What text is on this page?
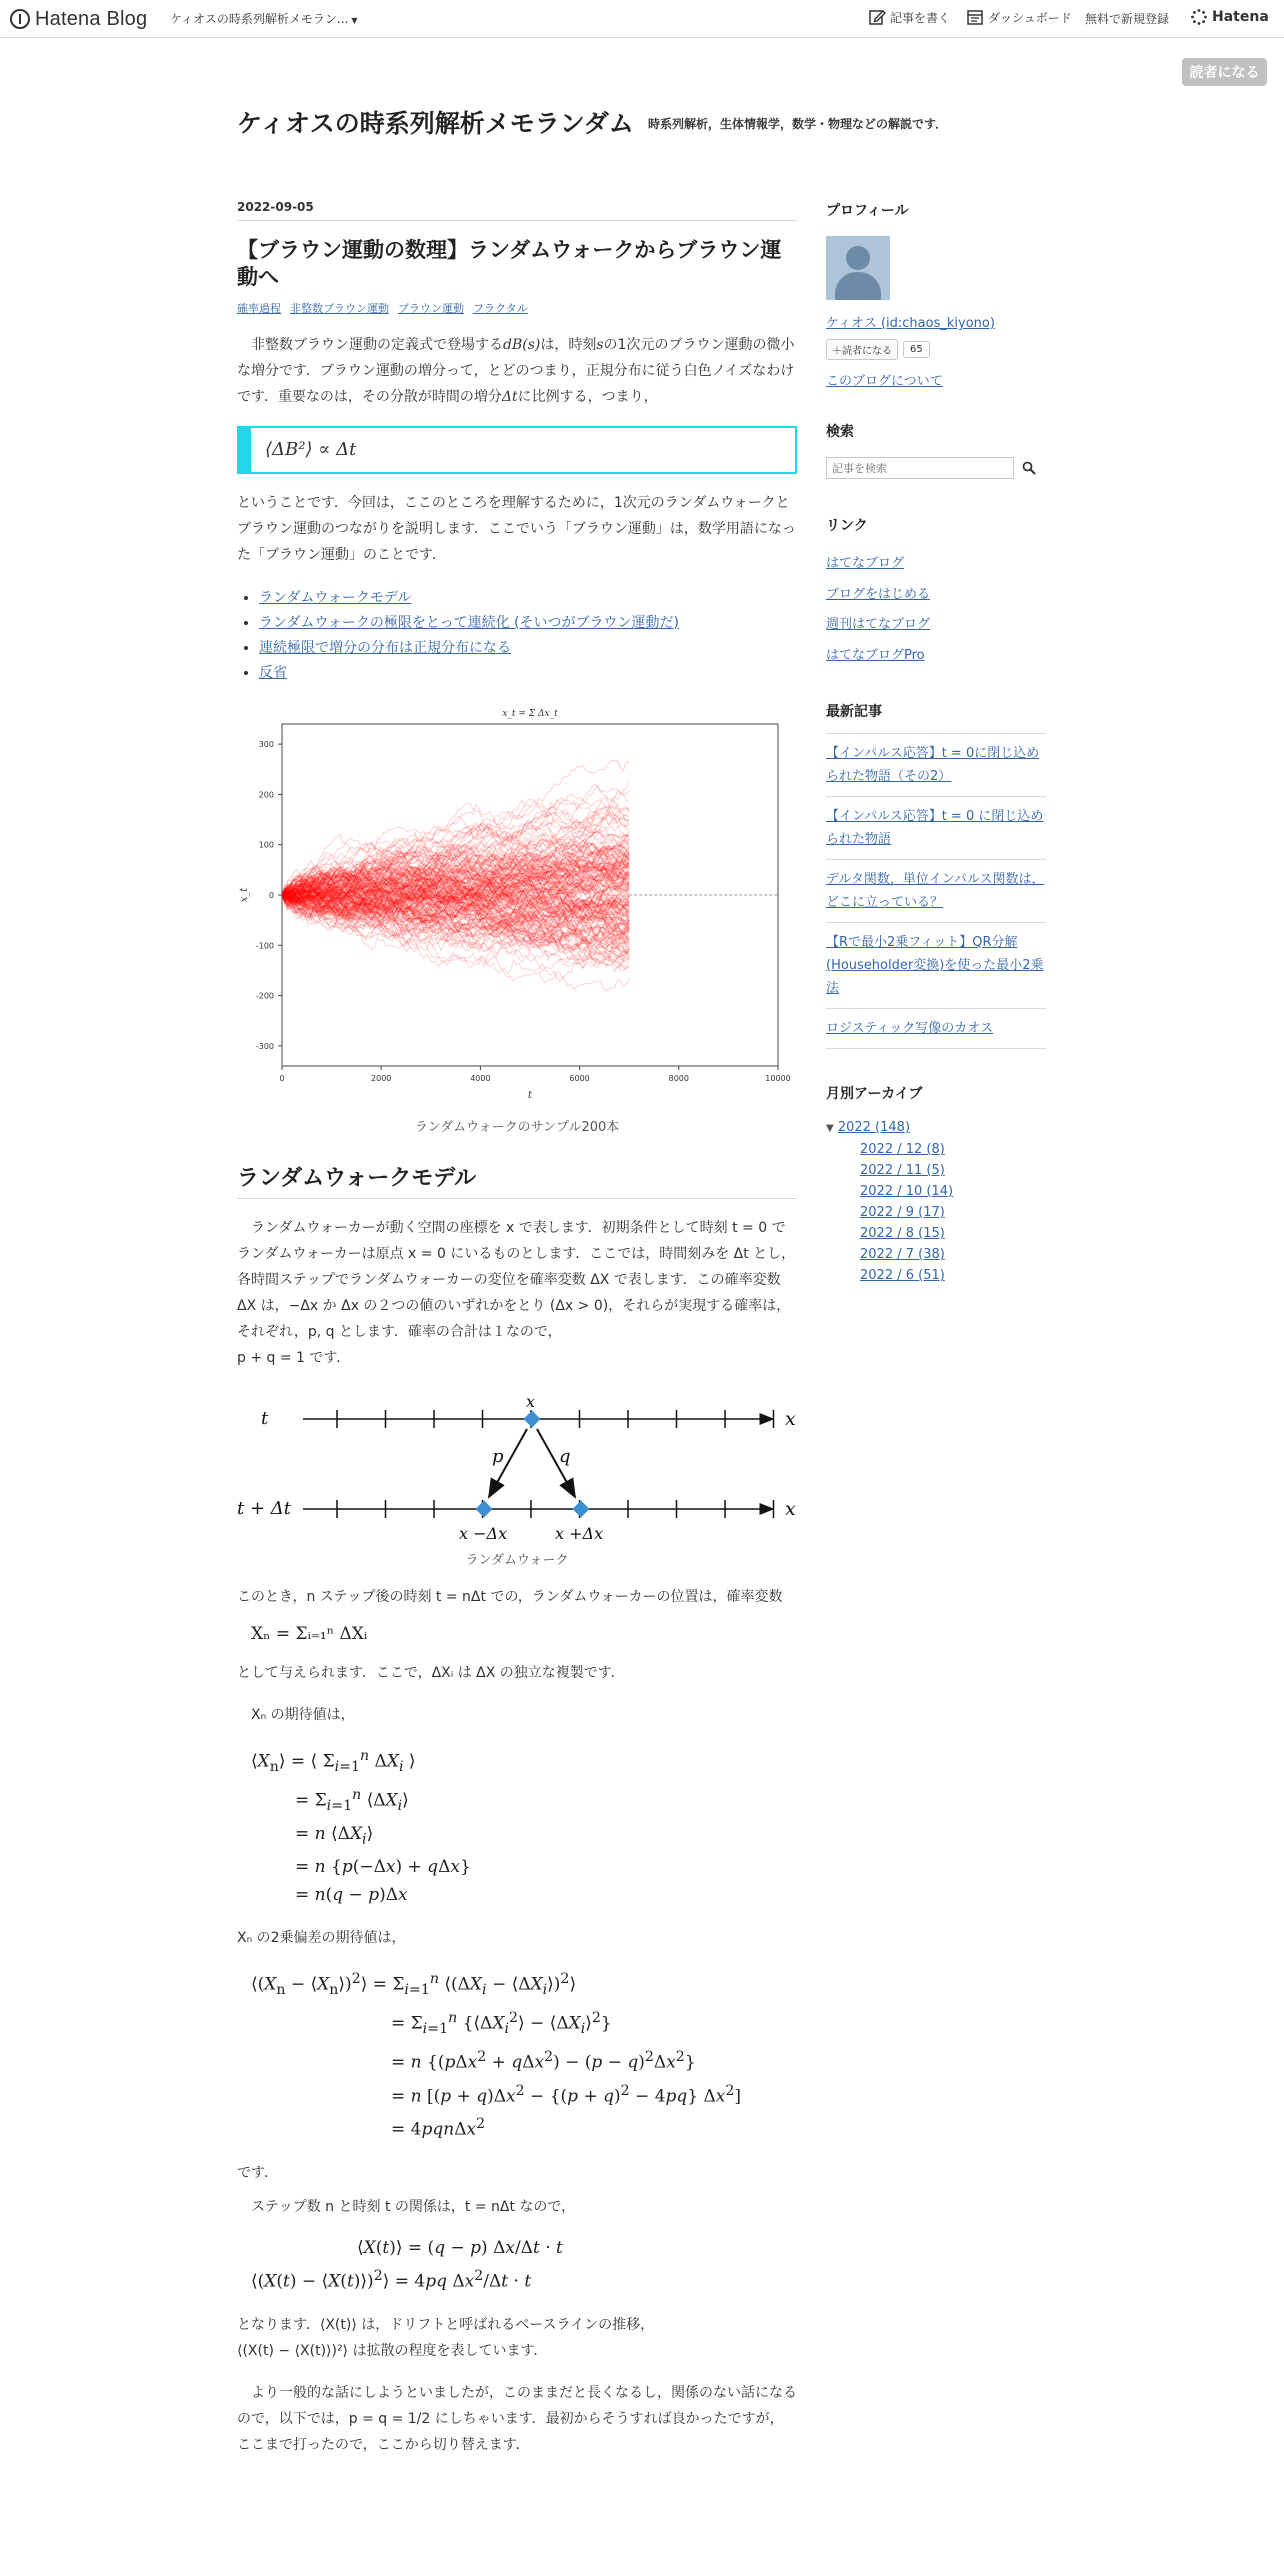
Hatena Blog ケィオスの時系列解析メモラン... ▼	記事を書く	ダッシュボード 無料で新規登録	Hatena
読者になる
ケィオスの時系列解析メモランダム 時系列解析，生体情報学，数学・物理などの解説です．
2022-09-05
【ブラウン運動の数理】ランダムウォークからブラウン運動へ
確率過程 非整数ブラウン運動 ブラウン運動 フラクタル

非整数ブラウン運動の定義式で登場するdB(s)は，時刻sの1次元のブラウン運動の微小な増分です．ブラウン運動の増分って，とどのつまり，正規分布に従う白色ノイズなわけです．重要なのは，その分散が時間の増分Δtに比例する，つまり，

⟨ΔB²⟩ ∝ Δt

ということです．今回は，ここのところを理解するために，1次元のランダムウォークとブラウン運動のつながりを説明します．ここでいう「ブラウン運動」は，数学用語になった「ブラウン運動」のことです．

• ランダムウォークモデル
• ランダムウォークの極限をとって連続化 (そいつがブラウン運動だ)
• 連続極限で増分の分布は正規分布になる
• 反省
x_t = Σ Δx_t
300
200
100
0
-100
-200
-300
0	2000	4000	6000	8000	10000
t
x_t
ランダムウォークのサンプル200本
ランダムウォークモデル

ランダムウォーカーが動く空間の座標を x で表します．初期条件として時刻 t = 0 でランダムウォーカーは原点 x = 0 にいるものとします．ここでは，時間刻みを Δt とし，各時間ステップでランダムウォーカーの変位を確率変数 ΔX で表します．この確率変数 ΔX は，−Δx か Δx の２つの値のいずれかをとり (Δx > 0)，それらが実現する確率は，それぞれ，p, q とします．確率の合計は１なので，

p + q = 1 です．

t
t + Δt
x
x
x
p	q
x −Δx	x +Δx
ランダムウォーク

このとき，n ステップ後の時刻 t = nΔt での，ランダムウォーカーの位置は，確率変数

Xₙ = Σᵢ₌₁ⁿ ΔXᵢ

として与えられます．ここで，ΔXᵢ は ΔX の独立な複製です．

Xₙ の期待値は，

$⟨X_n⟩$ = ⟨ $\Sigma_{i=1}^n$ $\Delta X_i$ ⟩
= $\Sigma_{i=1}^n$ $⟨\Delta X_i⟩$
= n $⟨\Delta X_i⟩$
= n {p(−Δx) + qΔx}
= n(q − p)Δx

Xₙ の2乗偏差の期待値は，

$⟨(X_n$ − $⟨X_n⟩)^2⟩ = \Sigma_{i=1}^n$ $⟨(\Delta X_i$ − $⟨\Delta X_i⟩)^2⟩$
= $\Sigma_{i=1}^n$ {$⟨\Delta X_i^2⟩$ − $⟨\Delta X_i⟩^2$}
= n $\{(p\Delta x^2 + q\Delta x^2) - (p - q)^2\Delta x^2\}$
= n [$(p + q)\Delta x^2 - \{(p + q)^2 - 4pq\}$ $\Delta x^2$]
= 4pqnΔx$^2$

です．

ステップ数 n と時刻 t の関係は，t = nΔt なので，

⟨X(t)⟩ = (q − p) Δx/Δt · t
⟨(X(t) − ⟨X(t)⟩)$^2$⟩ = 4pq $\Delta x^2/\Delta t \cdot t$

となります．⟨X(t)⟩ は，ドリフトと呼ばれるベースラインの推移，
⟨(X(t) − ⟨X(t)⟩)²⟩ は拡散の程度を表しています．

より一般的な話にしようといましたが，このままだと長くなるし，関係のない話になるので，以下では，p = q = 1/2 にしちゃいます．最初からそうすれば良かったですが，ここまで打ったので，ここから切り替えます．

プロフィール
ケィオス (id:chaos_kiyono)
＋読者になる	65
このブログについて
検索
記事を検索
リンク
はてなブログ
ブログをはじめる
週刊はてなブログ
はてなブログPro
最新記事
【インパルス応答】t = 0に閉じ込められた物語（その2）
【インパルス応答】t = 0 に閉じ込められた物語
デルタ関数，単位インパルス関数は，どこに立っている？
【Rで最小2乗フィット】QR分解 (Householder変換)を使った最小2乗法
ロジスティック写像のカオス
月別アーカイブ
▼ 2022 (148)
2022 / 12 (8)
2022 / 11 (5)
2022 / 10 (14)
2022 / 9 (17)
2022 / 8 (15)
2022 / 7 (38)
2022 / 6 (51)
